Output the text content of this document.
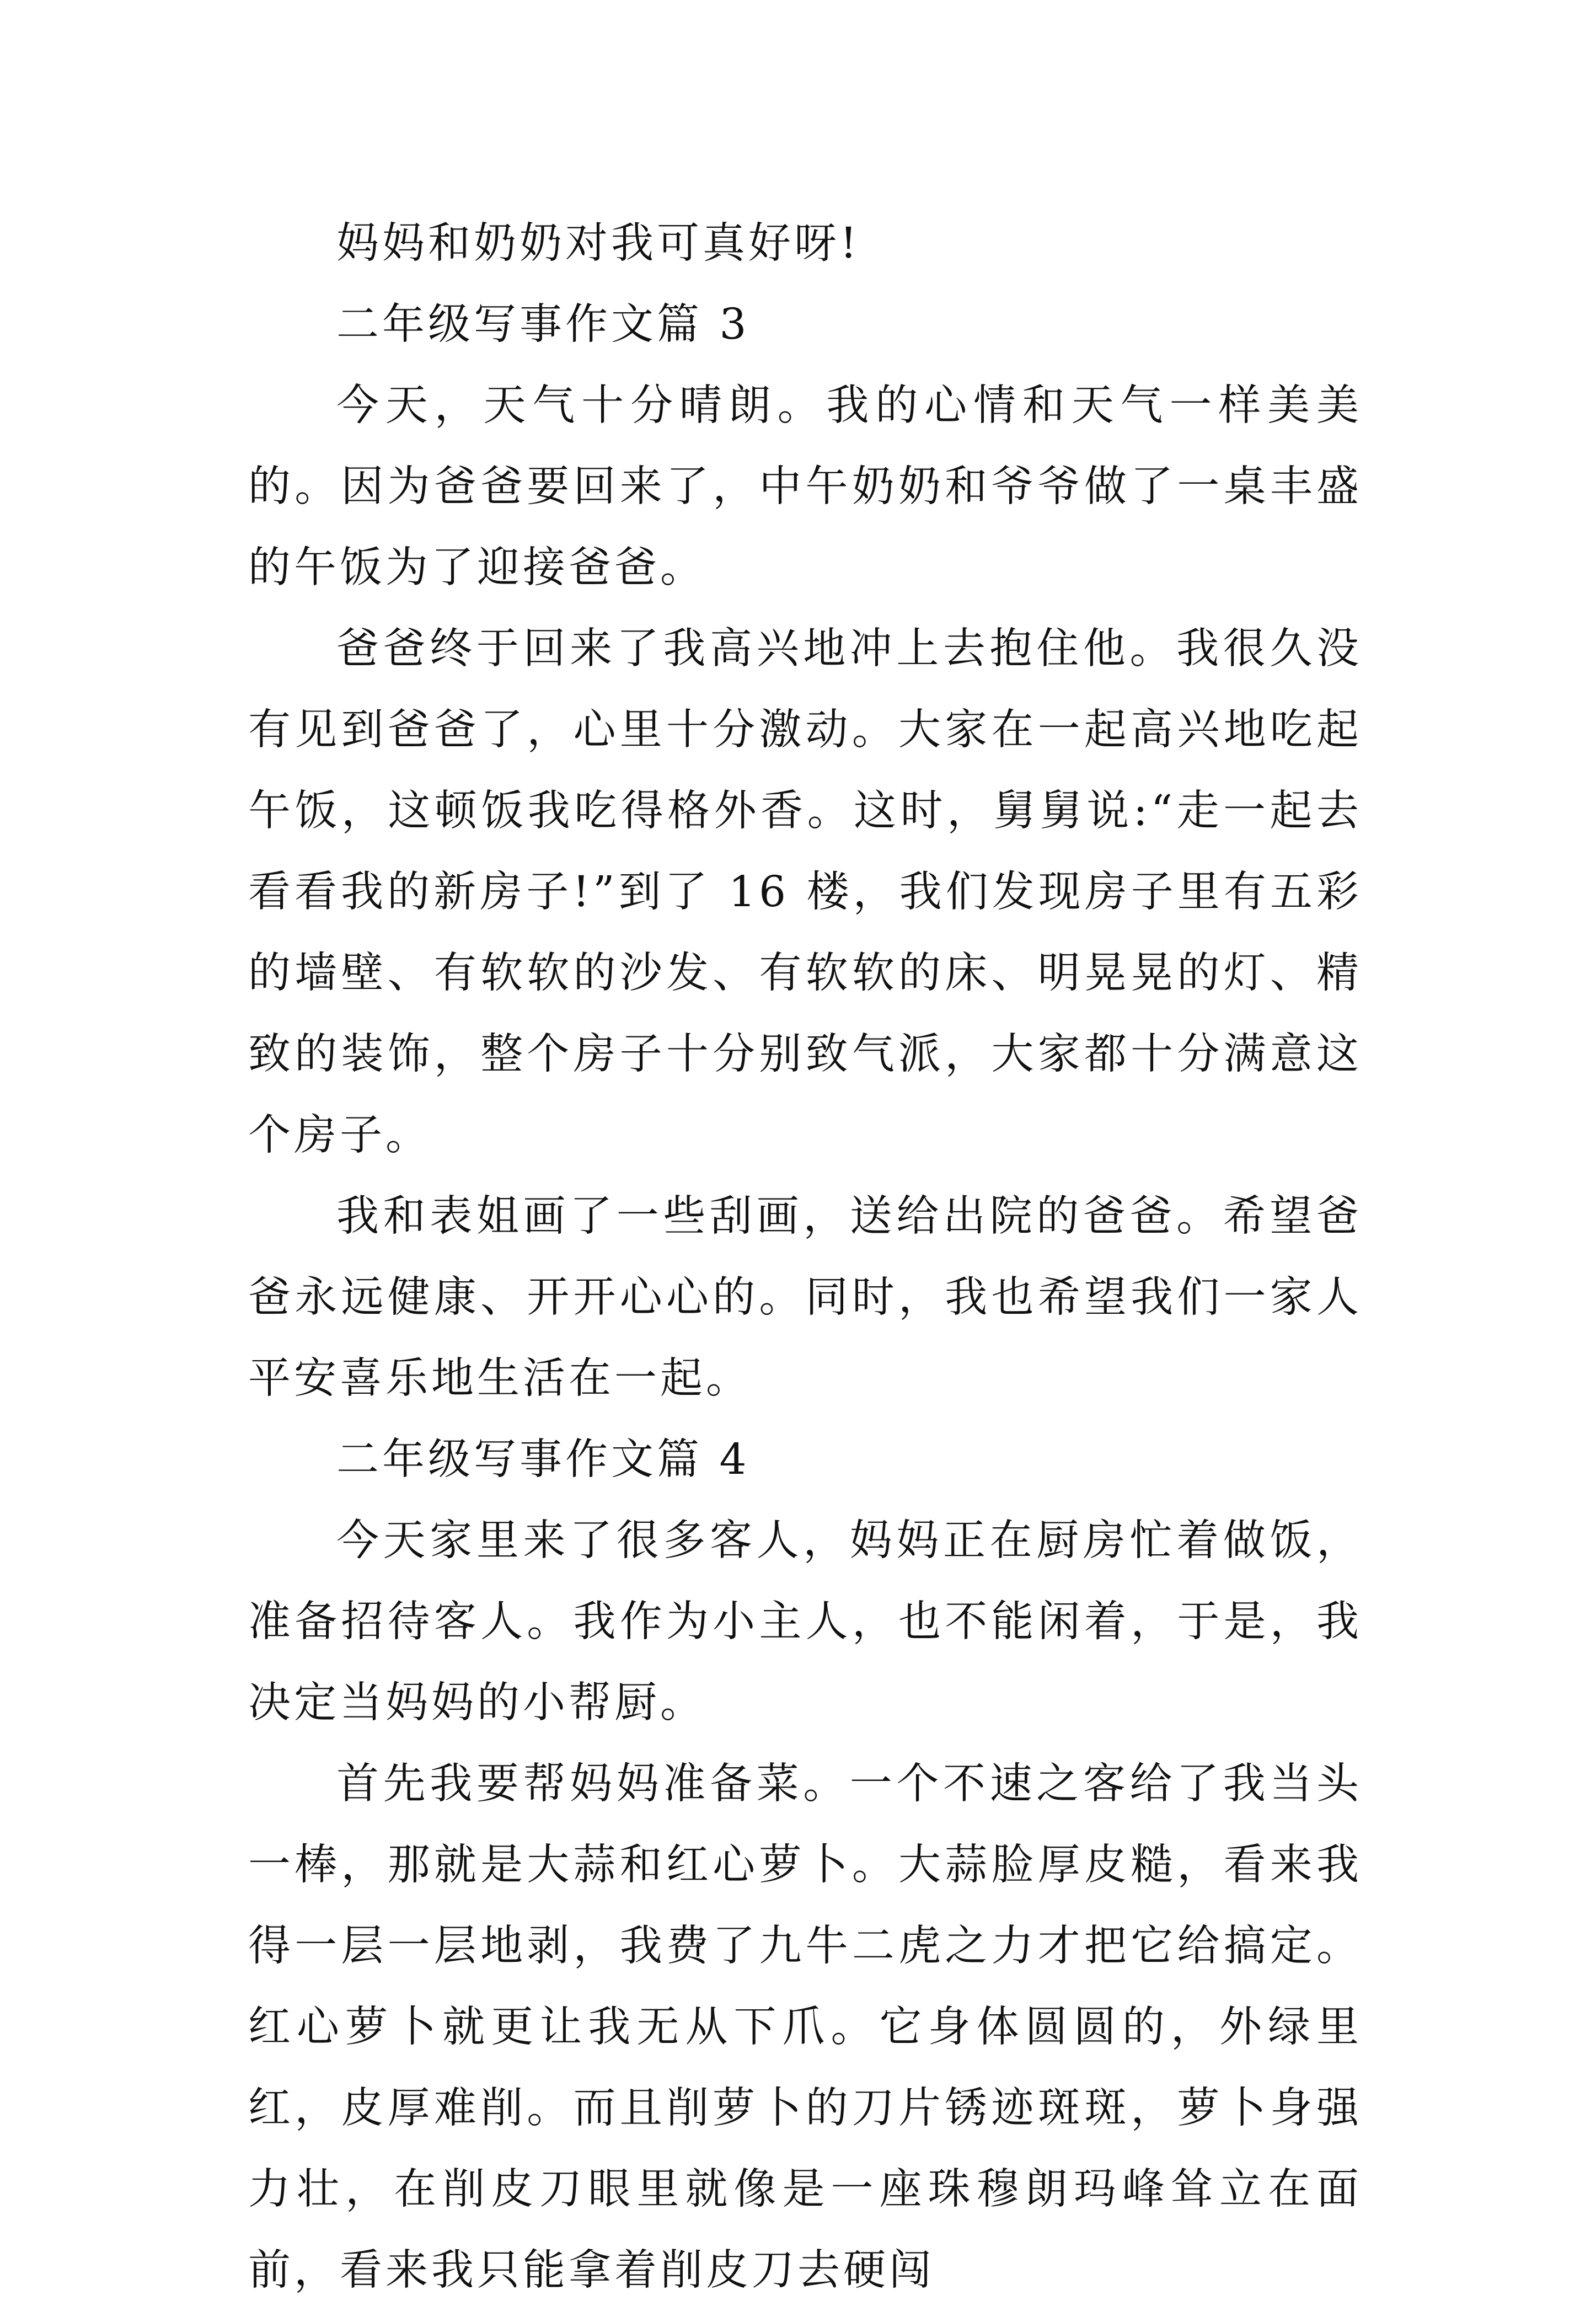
妈妈和奶奶对我可真好呀!

二年级写事作文篇 3

今天，天气十分晴朗。我的心情和天气一样美美的。因为爸爸要回来了，中午奶奶和爷爷做了一桌丰盛的午饭为了迎接爸爸。

爸爸终于回来了我高兴地冲上去抱住他。我很久没有见到爸爸了，心里十分激动。大家在一起高兴地吃起午饭，这顿饭我吃得格外香。这时，舅舅说:“走一起去看看我的新房子!”到了 16 楼，我们发现房子里有五彩的墙壁、有软软的沙发、有软软的床、明晃晃的灯、精致的装饰，整个房子十分别致气派，大家都十分满意这个房子。

我和表姐画了一些刮画，送给出院的爸爸。希望爸爸永远健康、开开心心的。同时，我也希望我们一家人平安喜乐地生活在一起。

二年级写事作文篇 4

今天家里来了很多客人，妈妈正在厨房忙着做饭，准备招待客人。我作为小主人，也不能闲着，于是，我决定当妈妈的小帮厨。

首先我要帮妈妈准备菜。一个不速之客给了我当头一棒，那就是大蒜和红心萝卜。大蒜脸厚皮糙，看来我得一层一层地剥，我费了九牛二虎之力才把它给搞定。红心萝卜就更让我无从下爪。它身体圆圆的，外绿里红，皮厚难削。而且削萝卜的刀片锈迹斑斑，萝卜身强力壮，在削皮刀眼里就像是一座珠穆朗玛峰耸立在面前，看来我只能拿着削皮刀去硬闯
